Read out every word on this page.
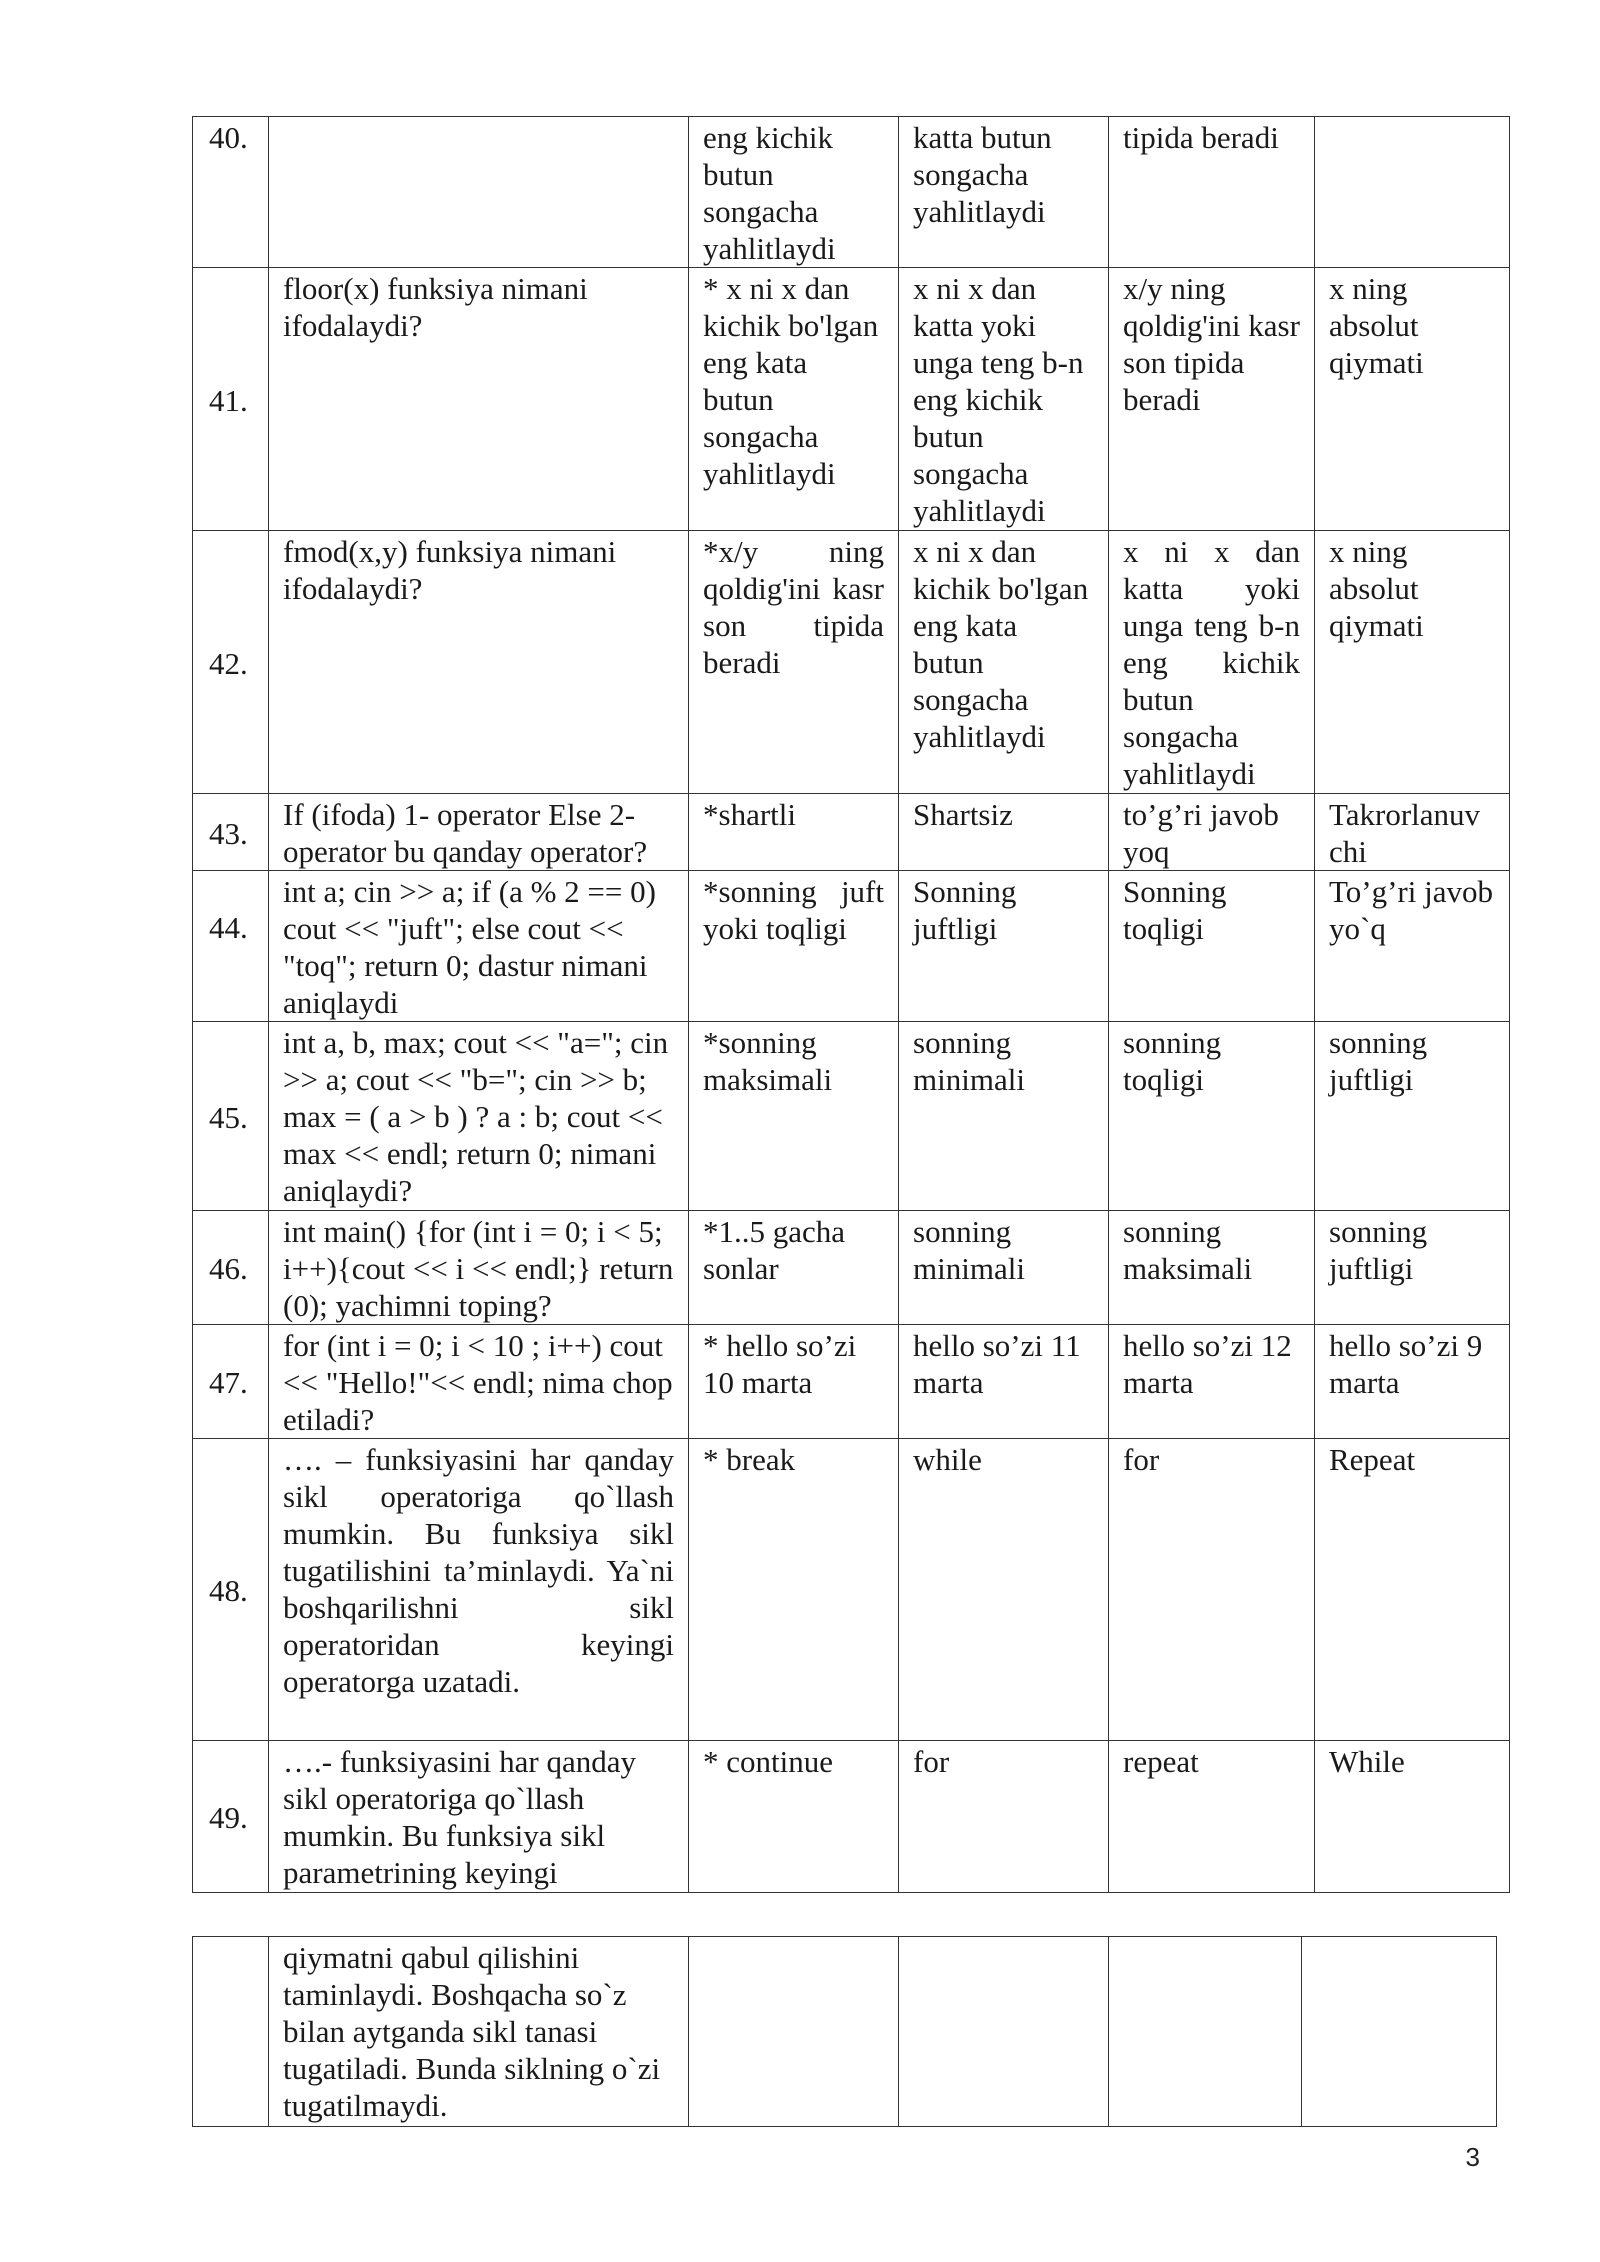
40.		eng kichik butun songacha yahlitlaydi	katta butun songacha yahlitlaydi	tipida beradi	
41.	floor(x) funksiya nimani ifodalaydi?	* x ni x dan kichik bo'lgan eng kata butun songacha yahlitlaydi	x ni x dan katta yoki unga teng b-n eng kichik butun songacha yahlitlaydi	x/y ning qoldig'ini kasr son tipida beradi	x ning absolut qiymati
42.	fmod(x,y) funksiya nimani ifodalaydi?	*x/y ning qoldig'ini kasr son tipida beradi	x ni x dan kichik bo'lgan eng kata butun songacha yahlitlaydi	x ni x dan katta yoki unga teng b-n eng kichik butun songacha yahlitlaydi	x ning absolut qiymati
43.	If (ifoda) 1- operator Else 2- operator bu qanday operator?	*shartli	Shartsiz	to’g’ri javob yoq	Takrorlanuv chi
44.	int a; cin >> a; if (a % 2 == 0) cout << "juft"; else cout << "toq"; return 0; dastur nimani aniqlaydi	*sonning juft yoki toqligi	Sonning juftligi	Sonning toqligi	To’g’ri javob yo`q
45.	int a, b, max; cout << "a="; cin >> a; cout << "b="; cin >> b; max = ( a > b ) ? a : b; cout << max << endl; return 0; nimani aniqlaydi?	*sonning maksimali	sonning minimali	sonning toqligi	sonning juftligi
46.	int main() {for (int i = 0; i < 5; i++){cout << i << endl;} return (0); yachimni toping?	*1..5 gacha sonlar	sonning minimali	sonning maksimali	sonning juftligi
47.	for (int i = 0; i < 10 ; i++) cout << "Hello!"<< endl; nima chop etiladi?	* hello so’zi 10 marta	hello so’zi 11 marta	hello so’zi 12 marta	hello so’zi 9 marta
48.	…. – funksiyasini har qanday sikl operatoriga qo`llash mumkin. Bu funksiya sikl tugatilishini ta’minlaydi. Ya`ni boshqarilishni sikl operatoridan keyingi operatorga uzatadi.	* break	while	for	Repeat
49.	….- funksiyasini har qanday sikl operatoriga qo`llash mumkin. Bu funksiya sikl parametrining keyingi	* continue	for	repeat	While
	qiymatni qabul qilishini taminlaydi. Boshqacha so`z bilan aytganda sikl tanasi tugatiladi. Bunda siklning o`zi tugatilmaydi.				
3
